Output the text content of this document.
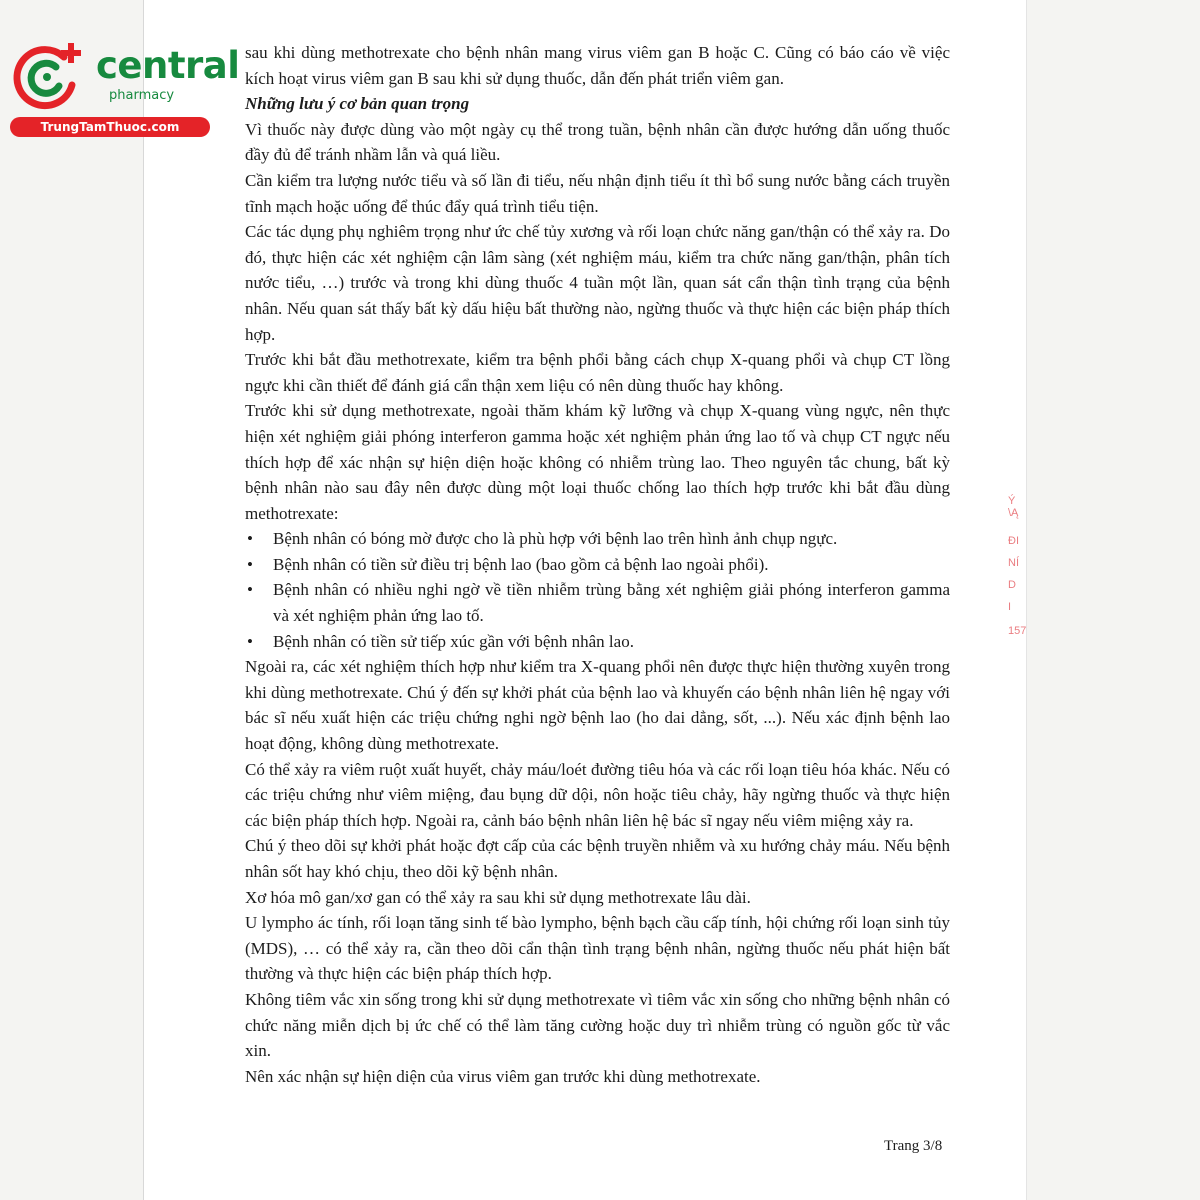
central
pharmacy
TrungTamThuoc.com

sau khi dùng methotrexate cho bệnh nhân mang virus viêm gan B hoặc C. Cũng có báo cáo về việc kích hoạt virus viêm gan B sau khi sử dụng thuốc, dẫn đến phát triển viêm gan.

Những lưu ý cơ bản quan trọng

Vì thuốc này được dùng vào một ngày cụ thể trong tuần, bệnh nhân cần được hướng dẫn uống thuốc đầy đủ để tránh nhầm lẫn và quá liều.

Cần kiểm tra lượng nước tiểu và số lần đi tiểu, nếu nhận định tiểu ít thì bổ sung nước bằng cách truyền tĩnh mạch hoặc uống để thúc đẩy quá trình tiểu tiện.

Các tác dụng phụ nghiêm trọng như ức chế tủy xương và rối loạn chức năng gan/thận có thể xảy ra. Do đó, thực hiện các xét nghiệm cận lâm sàng (xét nghiệm máu, kiểm tra chức năng gan/thận, phân tích nước tiểu, …) trước và trong khi dùng thuốc 4 tuần một lần, quan sát cẩn thận tình trạng của bệnh nhân. Nếu quan sát thấy bất kỳ dấu hiệu bất thường nào, ngừng thuốc và thực hiện các biện pháp thích hợp.

Trước khi bắt đầu methotrexate, kiểm tra bệnh phổi bằng cách chụp X-quang phổi và chụp CT lồng ngực khi cần thiết để đánh giá cẩn thận xem liệu có nên dùng thuốc hay không.

Trước khi sử dụng methotrexate, ngoài thăm khám kỹ lưỡng và chụp X-quang vùng ngực, nên thực hiện xét nghiệm giải phóng interferon gamma hoặc xét nghiệm phản ứng lao tố và chụp CT ngực nếu thích hợp để xác nhận sự hiện diện hoặc không có nhiễm trùng lao. Theo nguyên tắc chung, bất kỳ bệnh nhân nào sau đây nên được dùng một loại thuốc chống lao thích hợp trước khi bắt đầu dùng methotrexate:

• Bệnh nhân có bóng mờ được cho là phù hợp với bệnh lao trên hình ảnh chụp ngực.
• Bệnh nhân có tiền sử điều trị bệnh lao (bao gồm cả bệnh lao ngoài phổi).
• Bệnh nhân có nhiều nghi ngờ về tiền nhiễm trùng bằng xét nghiệm giải phóng interferon gamma và xét nghiệm phản ứng lao tố.
• Bệnh nhân có tiền sử tiếp xúc gần với bệnh nhân lao.

Ngoài ra, các xét nghiệm thích hợp như kiểm tra X-quang phổi nên được thực hiện thường xuyên trong khi dùng methotrexate. Chú ý đến sự khởi phát của bệnh lao và khuyến cáo bệnh nhân liên hệ ngay với bác sĩ nếu xuất hiện các triệu chứng nghi ngờ bệnh lao (ho dai dẳng, sốt, ...). Nếu xác định bệnh lao hoạt động, không dùng methotrexate.

Có thể xảy ra viêm ruột xuất huyết, chảy máu/loét đường tiêu hóa và các rối loạn tiêu hóa khác. Nếu có các triệu chứng như viêm miệng, đau bụng dữ dội, nôn hoặc tiêu chảy, hãy ngừng thuốc và thực hiện các biện pháp thích hợp. Ngoài ra, cảnh báo bệnh nhân liên hệ bác sĩ ngay nếu viêm miệng xảy ra.

Chú ý theo dõi sự khởi phát hoặc đợt cấp của các bệnh truyền nhiễm và xu hướng chảy máu. Nếu bệnh nhân sốt hay khó chịu, theo dõi kỹ bệnh nhân.

Xơ hóa mô gan/xơ gan có thể xảy ra sau khi sử dụng methotrexate lâu dài.

U lympho ác tính, rối loạn tăng sinh tế bào lympho, bệnh bạch cầu cấp tính, hội chứng rối loạn sinh tủy (MDS), … có thể xảy ra, cần theo dõi cẩn thận tình trạng bệnh nhân, ngừng thuốc nếu phát hiện bất thường và thực hiện các biện pháp thích hợp.

Không tiêm vắc xin sống trong khi sử dụng methotrexate vì tiêm vắc xin sống cho những bệnh nhân có chức năng miễn dịch bị ức chế có thể làm tăng cường hoặc duy trì nhiễm trùng có nguồn gốc từ vắc xin.

Nên xác nhận sự hiện diện của virus viêm gan trước khi dùng methotrexate.

Trang 3/8
Ý \Ą
ĐI
NÍ
D
I
157
